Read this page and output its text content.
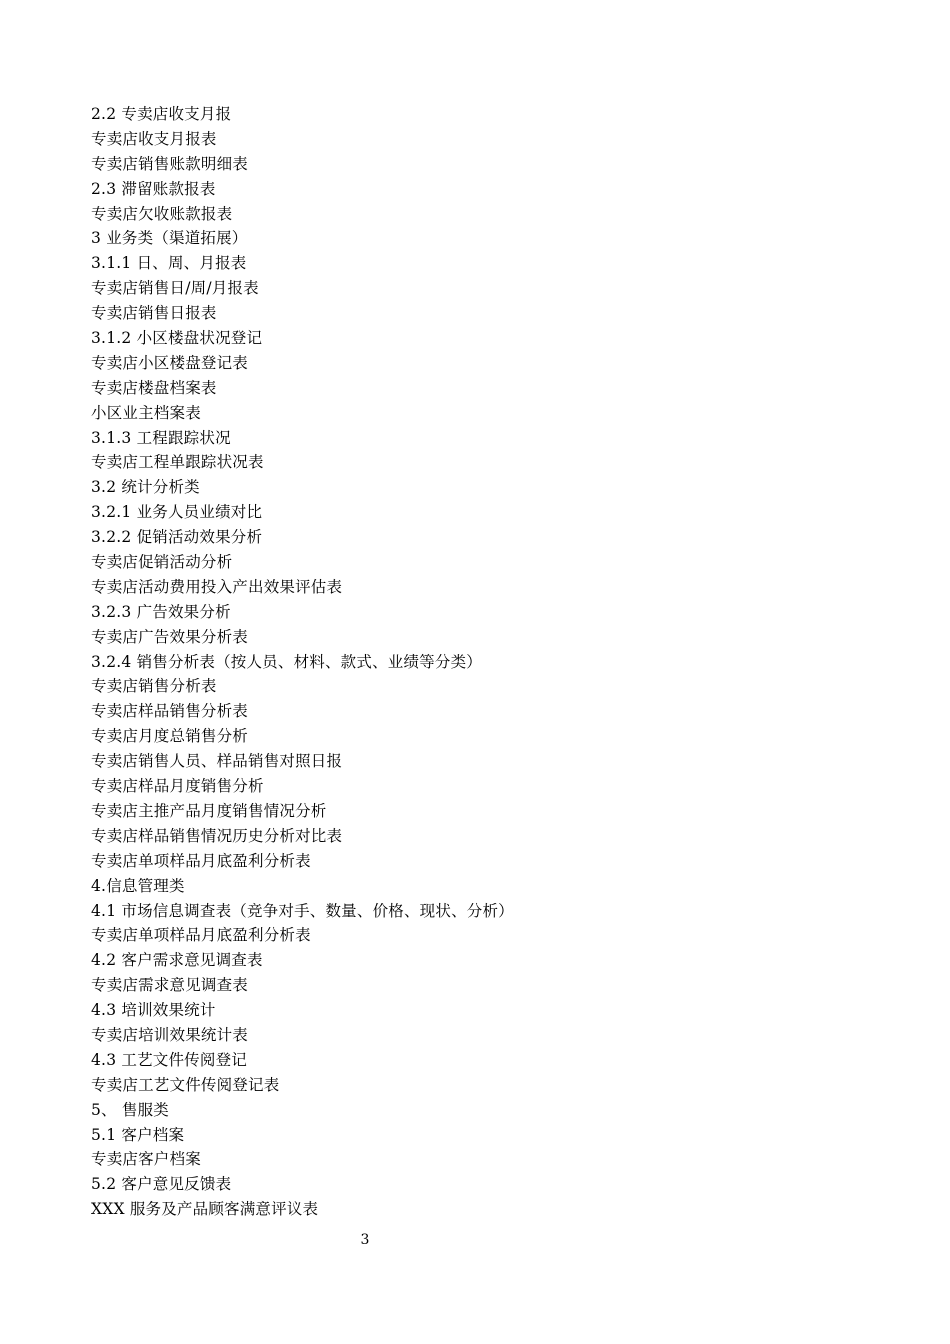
2.2 专卖店收支月报
专卖店收支月报表
专卖店销售账款明细表
2.3 滞留账款报表
专卖店欠收账款报表
3 业务类（渠道拓展）
3.1.1 日、周、月报表
专卖店销售日/周/月报表
专卖店销售日报表
3.1.2 小区楼盘状况登记
专卖店小区楼盘登记表
专卖店楼盘档案表
小区业主档案表
3.1.3 工程跟踪状况
专卖店工程单跟踪状况表
3.2 统计分析类
3.2.1 业务人员业绩对比
3.2.2 促销活动效果分析
专卖店促销活动分析
专卖店活动费用投入产出效果评估表
3.2.3 广告效果分析
专卖店广告效果分析表
3.2.4 销售分析表（按人员、材料、款式、业绩等分类）
专卖店销售分析表
专卖店样品销售分析表
专卖店月度总销售分析
专卖店销售人员、样品销售对照日报
专卖店样品月度销售分析
专卖店主推产品月度销售情况分析
专卖店样品销售情况历史分析对比表
专卖店单项样品月底盈利分析表
4.信息管理类
4.1 市场信息调查表（竞争对手、数量、价格、现状、分析）
专卖店单项样品月底盈利分析表
4.2 客户需求意见调查表
专卖店需求意见调查表
4.3 培训效果统计
专卖店培训效果统计表
4.3 工艺文件传阅登记
专卖店工艺文件传阅登记表
5、 售服类
5.1 客户档案
专卖店客户档案
5.2 客户意见反馈表
XXX 服务及产品顾客满意评议表
3
